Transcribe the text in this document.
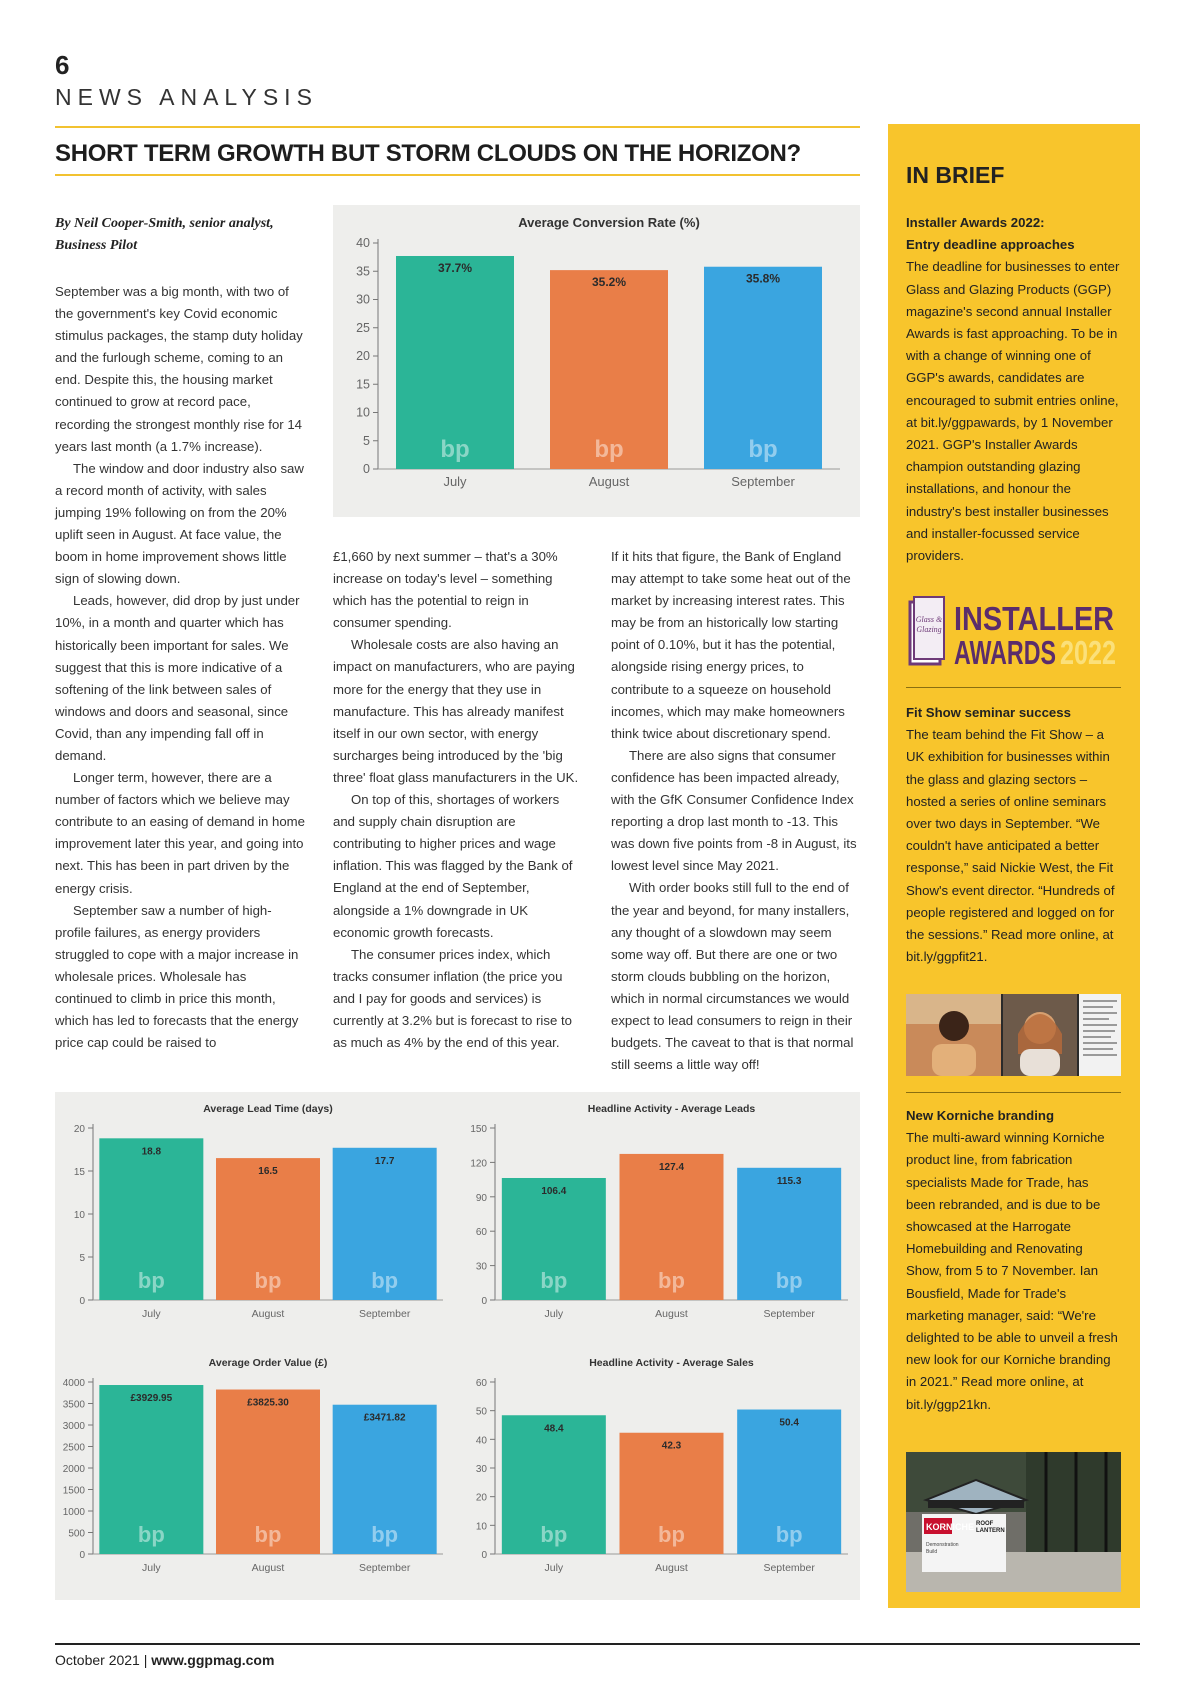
6
NEWS ANALYSIS
SHORT TERM GROWTH BUT STORM CLOUDS ON THE HORIZON?
By Neil Cooper-Smith, senior analyst,
Business Pilot

September was a big month, with two of the government's key Covid economic stimulus packages, the stamp duty holiday and the furlough scheme, coming to an end. Despite this, the housing market continued to grow at record pace, recording the strongest monthly rise for 14 years last month (a 1.7% increase).

The window and door industry also saw a record month of activity, with sales jumping 19% following on from the 20% uplift seen in August. At face value, the boom in home improvement shows little sign of slowing down.

Leads, however, did drop by just under 10%, in a month and quarter which has historically been important for sales. We suggest that this is more indicative of a softening of the link between sales of windows and doors and seasonal, since Covid, than any impending fall off in demand.

Longer term, however, there are a number of factors which we believe may contribute to an easing of demand in home improvement later this year, and going into next. This has been in part driven by the energy crisis.

September saw a number of high-profile failures, as energy providers struggled to cope with a major increase in wholesale prices. Wholesale has continued to climb in price this month, which has led to forecasts that the energy price cap could be raised to

£1,660 by next summer – that's a 30% increase on today's level – something which has the potential to reign in consumer spending.

Wholesale costs are also having an impact on manufacturers, who are paying more for the energy that they use in manufacture. This has already manifest itself in our own sector, with energy surcharges being introduced by the 'big three' float glass manufacturers in the UK.

On top of this, shortages of workers and supply chain disruption are contributing to higher prices and wage inflation. This was flagged by the Bank of England at the end of September, alongside a 1% downgrade in UK economic growth forecasts.

The consumer prices index, which tracks consumer inflation (the price you and I pay for goods and services) is currently at 3.2% but is forecast to rise to as much as 4% by the end of this year.

If it hits that figure, the Bank of England may attempt to take some heat out of the market by increasing interest rates. This may be from an historically low starting point of 0.10%, but it has the potential, alongside rising energy prices, to contribute to a squeeze on household incomes, which may make homeowners think twice about discretionary spend.

There are also signs that consumer confidence has been impacted already, with the GfK Consumer Confidence Index reporting a drop last month to -13. This was down five points from -8 in August, its lowest level since May 2021.

With order books still full to the end of the year and beyond, for many installers, any thought of a slowdown may seem some way off. But there are one or two storm clouds bubbling on the horizon, which in normal circumstances we would expect to lead consumers to reign in their budgets. The caveat to that is that normal still seems a little way off!

Average Conversion Rate (%)
0
5
10
15
20
25
30
35
40
37.7%
bp
July
35.2%
bp
August
35.8%
bp
September
Average Lead Time (days)
0
5
10
15
20
18.8
bp
July
16.5
bp
August
17.7
bp
September
Headline Activity - Average Leads
0
30
60
90
120
150
106.4
bp
July
127.4
bp
August
115.3
bp
September
Average Order Value (£)
0
500
1000
1500
2000
2500
3000
3500
4000
£3929.95
bp
July
£3825.30
bp
August
£3471.82
bp
September
Headline Activity - Average Sales
0
10
20
30
40
50
60
48.4
bp
July
42.3
bp
August
50.4
bp
September
IN BRIEF
Installer Awards 2022:
Entry deadline approaches
The deadline for businesses to enter Glass and Glazing Products (GGP) magazine's second annual Installer Awards is fast approaching. To be in with a change of winning one of GGP's awards, candidates are encouraged to submit entries online, at bit.ly/ggpawards, by 1 November 2021. GGP's Installer Awards champion outstanding glazing installations, and honour the industry's best installer businesses and installer-focussed service providers.
Glass &
Glazing INSTALLER
AWARDS 2022
Fit Show seminar success
The team behind the Fit Show – a UK exhibition for businesses within the glass and glazing sectors – hosted a series of online seminars over two days in September. “We couldn't have anticipated a better response,” said Nickie West, the Fit Show's event director. “Hundreds of people registered and logged on for the sessions.” Read more online, at bit.ly/ggpfit21.
New Korniche branding
The multi-award winning Korniche product line, from fabrication specialists Made for Trade, has been rebranded, and is due to be showcased at the Harrogate Homebuilding and Renovating Show, from 5 to 7 November. Ian Bousfield, Made for Trade's marketing manager, said: “We're delighted to be able to unveil a fresh new look for our Korniche branding in 2021.” Read more online, at bit.ly/ggp21kn.
KORNICHE ROOF
LANTERN
Demonstration
Build
October 2021 | www.ggpmag.com
